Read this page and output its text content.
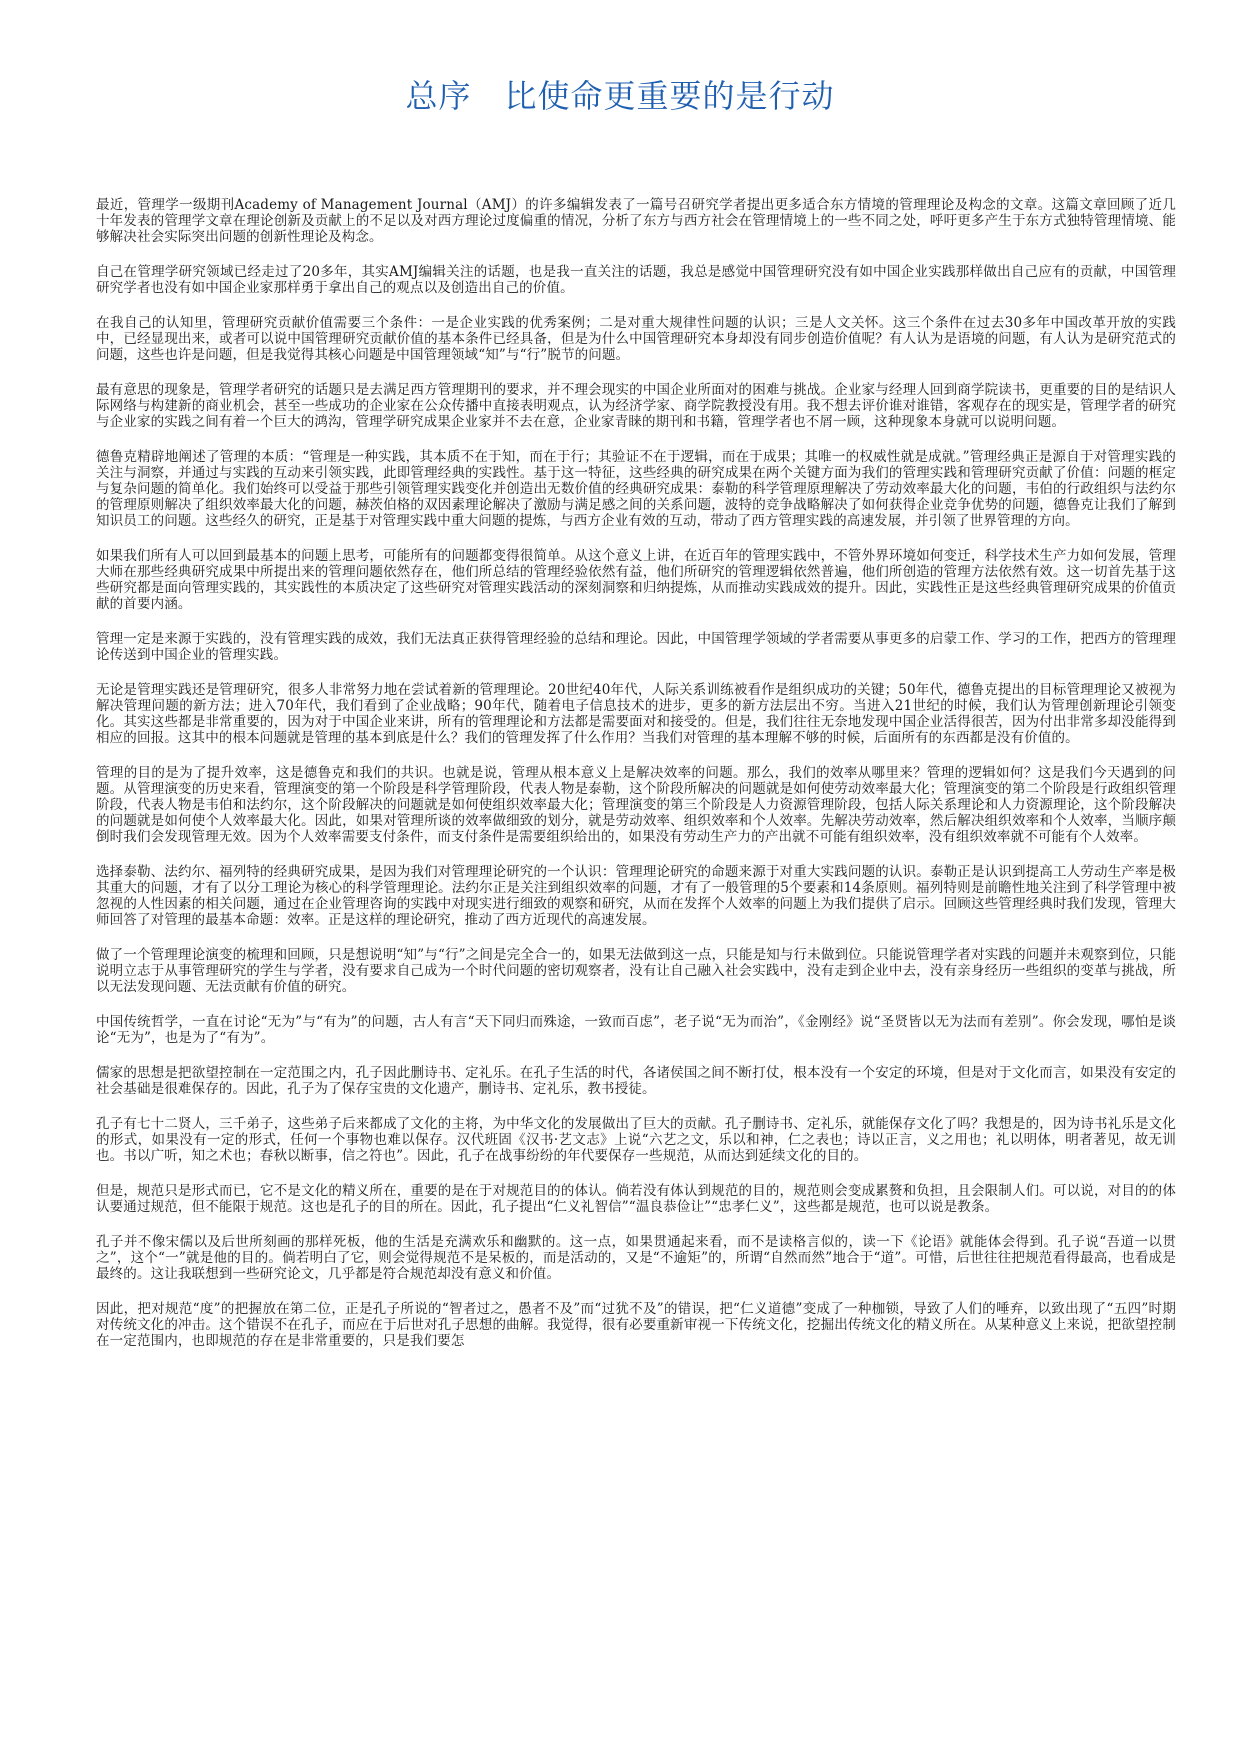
总序　比使命更重要的是行动

最近，管理学一级期刊Academy of Management Journal（AMJ）的许多编辑发表了一篇号召研究学者提出更多适合东方情境的管理理论及构念的文章。这篇文章回顾了近几十年发表的管理学文章在理论创新及贡献上的不足以及对西方理论过度偏重的情况，分析了东方与西方社会在管理情境上的一些不同之处，呼吁更多产生于东方式独特管理情境、能够解决社会实际突出问题的创新性理论及构念。

自己在管理学研究领域已经走过了20多年，其实AMJ编辑关注的话题，也是我一直关注的话题，我总是感觉中国管理研究没有如中国企业实践那样做出自己应有的贡献，中国管理研究学者也没有如中国企业家那样勇于拿出自己的观点以及创造出自己的价值。

在我自己的认知里，管理研究贡献价值需要三个条件：一是企业实践的优秀案例；二是对重大规律性问题的认识；三是人文关怀。这三个条件在过去30多年中国改革开放的实践中，已经显现出来，或者可以说中国管理研究贡献价值的基本条件已经具备，但是为什么中国管理研究本身却没有同步创造价值呢？有人认为是语境的问题，有人认为是研究范式的问题，这些也许是问题，但是我觉得其核心问题是中国管理领域“知”与“行”脱节的问题。

最有意思的现象是，管理学者研究的话题只是去满足西方管理期刊的要求，并不理会现实的中国企业所面对的困难与挑战。企业家与经理人回到商学院读书，更重要的目的是结识人际网络与构建新的商业机会，甚至一些成功的企业家在公众传播中直接表明观点，认为经济学家、商学院教授没有用。我不想去评价谁对谁错，客观存在的现实是，管理学者的研究与企业家的实践之间有着一个巨大的鸿沟，管理学研究成果企业家并不去在意，企业家青睐的期刊和书籍，管理学者也不屑一顾，这种现象本身就可以说明问题。

德鲁克精辟地阐述了管理的本质：“管理是一种实践，其本质不在于知，而在于行；其验证不在于逻辑，而在于成果；其唯一的权威性就是成就。”管理经典正是源自于对管理实践的关注与洞察，并通过与实践的互动来引领实践，此即管理经典的实践性。基于这一特征，这些经典的研究成果在两个关键方面为我们的管理实践和管理研究贡献了价值：问题的框定与复杂问题的简单化。我们始终可以受益于那些引领管理实践变化并创造出无数价值的经典研究成果：泰勒的科学管理原理解决了劳动效率最大化的问题，韦伯的行政组织与法约尔的管理原则解决了组织效率最大化的问题，赫茨伯格的双因素理论解决了激励与满足感之间的关系问题，波特的竞争战略解决了如何获得企业竞争优势的问题，德鲁克让我们了解到知识员工的问题。这些经久的研究，正是基于对管理实践中重大问题的提炼，与西方企业有效的互动，带动了西方管理实践的高速发展，并引领了世界管理的方向。

如果我们所有人可以回到最基本的问题上思考，可能所有的问题都变得很简单。从这个意义上讲，在近百年的管理实践中，不管外界环境如何变迁，科学技术生产力如何发展，管理大师在那些经典研究成果中所提出来的管理问题依然存在，他们所总结的管理经验依然有益，他们所研究的管理逻辑依然普遍，他们所创造的管理方法依然有效。这一切首先基于这些研究都是面向管理实践的，其实践性的本质决定了这些研究对管理实践活动的深刻洞察和归纳提炼，从而推动实践成效的提升。因此，实践性正是这些经典管理研究成果的价值贡献的首要内涵。

管理一定是来源于实践的，没有管理实践的成效，我们无法真正获得管理经验的总结和理论。因此，中国管理学领域的学者需要从事更多的启蒙工作、学习的工作，把西方的管理理论传送到中国企业的管理实践。

无论是管理实践还是管理研究，很多人非常努力地在尝试着新的管理理论。20世纪40年代，人际关系训练被看作是组织成功的关键；50年代，德鲁克提出的目标管理理论又被视为解决管理问题的新方法；进入70年代，我们看到了企业战略；90年代，随着电子信息技术的进步，更多的新方法层出不穷。当进入21世纪的时候，我们认为管理创新理论引领变化。其实这些都是非常重要的，因为对于中国企业来讲，所有的管理理论和方法都是需要面对和接受的。但是，我们往往无奈地发现中国企业活得很苦，因为付出非常多却没能得到相应的回报。这其中的根本问题就是管理的基本到底是什么？我们的管理发挥了什么作用？当我们对管理的基本理解不够的时候，后面所有的东西都是没有价值的。

管理的目的是为了提升效率，这是德鲁克和我们的共识。也就是说，管理从根本意义上是解决效率的问题。那么，我们的效率从哪里来？管理的逻辑如何？这是我们今天遇到的问题。从管理演变的历史来看，管理演变的第一个阶段是科学管理阶段，代表人物是泰勒，这个阶段所解决的问题就是如何使劳动效率最大化；管理演变的第二个阶段是行政组织管理阶段，代表人物是韦伯和法约尔，这个阶段解决的问题就是如何使组织效率最大化；管理演变的第三个阶段是人力资源管理阶段，包括人际关系理论和人力资源理论，这个阶段解决的问题就是如何使个人效率最大化。因此，如果对管理所谈的效率做细致的划分，就是劳动效率、组织效率和个人效率。先解决劳动效率，然后解决组织效率和个人效率，当顺序颠倒时我们会发现管理无效。因为个人效率需要支付条件，而支付条件是需要组织给出的，如果没有劳动生产力的产出就不可能有组织效率，没有组织效率就不可能有个人效率。

选择泰勒、法约尔、福列特的经典研究成果，是因为我们对管理理论研究的一个认识：管理理论研究的命题来源于对重大实践问题的认识。泰勒正是认识到提高工人劳动生产率是极其重大的问题，才有了以分工理论为核心的科学管理理论。法约尔正是关注到组织效率的问题，才有了一般管理的5个要素和14条原则。福列特则是前瞻性地关注到了科学管理中被忽视的人性因素的相关问题，通过在企业管理咨询的实践中对现实进行细致的观察和研究，从而在发挥个人效率的问题上为我们提供了启示。回顾这些管理经典时我们发现，管理大师回答了对管理的最基本命题：效率。正是这样的理论研究，推动了西方近现代的高速发展。

做了一个管理理论演变的梳理和回顾，只是想说明“知”与“行”之间是完全合一的，如果无法做到这一点，只能是知与行未做到位。只能说管理学者对实践的问题并未观察到位，只能说明立志于从事管理研究的学生与学者，没有要求自己成为一个时代问题的密切观察者，没有让自己融入社会实践中，没有走到企业中去，没有亲身经历一些组织的变革与挑战，所以无法发现问题、无法贡献有价值的研究。

中国传统哲学，一直在讨论“无为”与“有为”的问题，古人有言“天下同归而殊途，一致而百虑”，老子说“无为而治”，《金刚经》说“圣贤皆以无为法而有差别”。你会发现，哪怕是谈论“无为”，也是为了“有为”。

儒家的思想是把欲望控制在一定范围之内，孔子因此删诗书、定礼乐。在孔子生活的时代，各诸侯国之间不断打仗，根本没有一个安定的环境，但是对于文化而言，如果没有安定的社会基础是很难保存的。因此，孔子为了保存宝贵的文化遗产，删诗书、定礼乐，教书授徒。

孔子有七十二贤人，三千弟子，这些弟子后来都成了文化的主将，为中华文化的发展做出了巨大的贡献。孔子删诗书、定礼乐，就能保存文化了吗？我想是的，因为诗书礼乐是文化的形式，如果没有一定的形式，任何一个事物也难以保存。汉代班固《汉书·艺文志》上说“六艺之文，乐以和神，仁之表也；诗以正言，义之用也；礼以明体，明者著见，故无训也。书以广听，知之术也；春秋以断事，信之符也”。因此，孔子在战事纷纷的年代要保存一些规范，从而达到延续文化的目的。

但是，规范只是形式而已，它不是文化的精义所在，重要的是在于对规范目的的体认。倘若没有体认到规范的目的，规范则会变成累赘和负担，且会限制人们。可以说，对目的的体认要通过规范，但不能限于规范。这也是孔子的目的所在。因此，孔子提出“仁义礼智信”“温良恭俭让”“忠孝仁义”，这些都是规范，也可以说是教条。

孔子并不像宋儒以及后世所刻画的那样死板，他的生活是充满欢乐和幽默的。这一点，如果贯通起来看，而不是读格言似的，读一下《论语》就能体会得到。孔子说“吾道一以贯之”，这个“一”就是他的目的。倘若明白了它，则会觉得规范不是呆板的，而是活动的，又是“不逾矩”的，所谓“自然而然”地合于“道”。可惜，后世往往把规范看得最高，也看成是最终的。这让我联想到一些研究论文，几乎都是符合规范却没有意义和价值。

因此，把对规范“度”的把握放在第二位，正是孔子所说的“智者过之，愚者不及”而“过犹不及”的错误，把“仁义道德”变成了一种枷锁，导致了人们的唾弃，以致出现了“五四”时期对传统文化的冲击。这个错误不在孔子，而应在于后世对孔子思想的曲解。我觉得，很有必要重新审视一下传统文化，挖掘出传统文化的精义所在。从某种意义上来说，把欲望控制在一定范围内，也即规范的存在是非常重要的，只是我们要怎
